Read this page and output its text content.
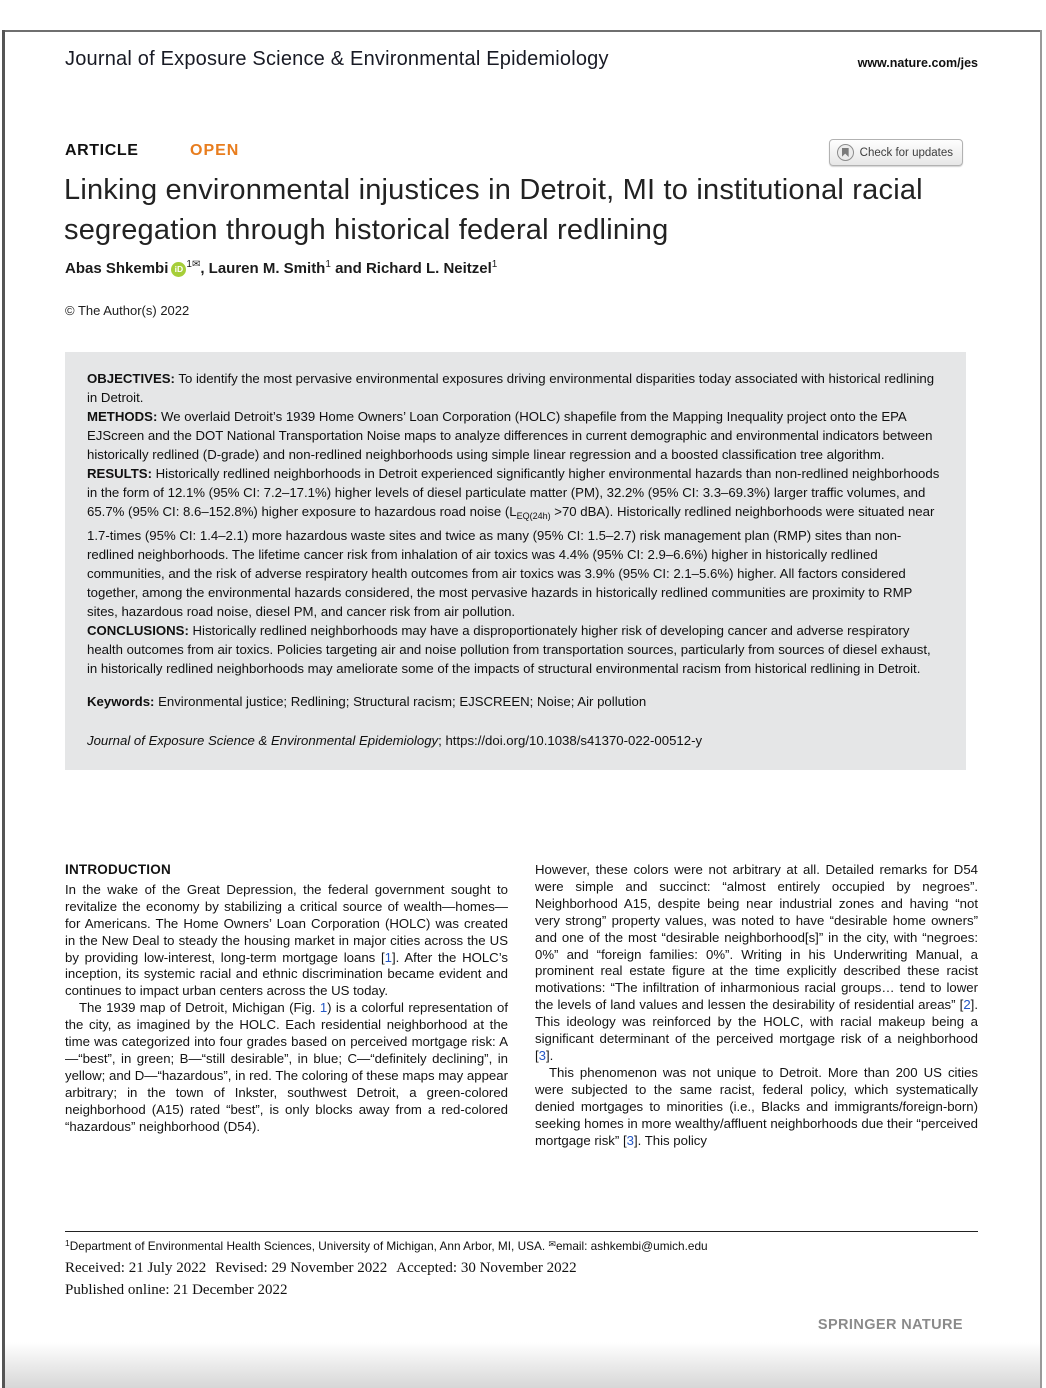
Journal of Exposure Science & Environmental Epidemiology	www.nature.com/jes
ARTICLE	OPEN	Check for updates
Linking environmental injustices in Detroit, MI to institutional racial segregation through historical federal redlining
Abas Shkembi iD $^{1✉}$, Lauren M. Smith$^1$ and Richard L. Neitzel$^1$
© The Author(s) 2022

OBJECTIVES: To identify the most pervasive environmental exposures driving environmental disparities today associated with historical redlining in Detroit.

METHODS: We overlaid Detroit’s 1939 Home Owners’ Loan Corporation (HOLC) shapefile from the Mapping Inequality project onto the EPA EJScreen and the DOT National Transportation Noise maps to analyze differences in current demographic and environmental indicators between historically redlined (D-grade) and non-redlined neighborhoods using simple linear regression and a boosted classification tree algorithm.

RESULTS: Historically redlined neighborhoods in Detroit experienced significantly higher environmental hazards than non-redlined neighborhoods in the form of 12.1% (95% CI: 7.2–17.1%) higher levels of diesel particulate matter (PM), 32.2% (95% CI: 3.3–69.3%) larger traffic volumes, and 65.7% (95% CI: 8.6–152.8%) higher exposure to hazardous road noise ($L_{EQ(24h)} >70$ dBA). Historically redlined neighborhoods were situated near 1.7-times (95% CI: 1.4–2.1) more hazardous waste sites and twice as many (95% CI: 1.5–2.7) risk management plan (RMP) sites than non-redlined neighborhoods. The lifetime cancer risk from inhalation of air toxics was 4.4% (95% CI: 2.9–6.6%) higher in historically redlined communities, and the risk of adverse respiratory health outcomes from air toxics was 3.9% (95% CI: 2.1–5.6%) higher. All factors considered together, among the environmental hazards considered, the most pervasive hazards in historically redlined communities are proximity to RMP sites, hazardous road noise, diesel PM, and cancer risk from air pollution.

CONCLUSIONS: Historically redlined neighborhoods may have a disproportionately higher risk of developing cancer and adverse respiratory health outcomes from air toxics. Policies targeting air and noise pollution from transportation sources, particularly from sources of diesel exhaust, in historically redlined neighborhoods may ameliorate some of the impacts of structural environmental racism from historical redlining in Detroit.

Keywords: Environmental justice; Redlining; Structural racism; EJSCREEN; Noise; Air pollution

Journal of Exposure Science & Environmental Epidemiology; https://doi.org/10.1038/s41370-022-00512-y

INTRODUCTION

In the wake of the Great Depression, the federal government sought to revitalize the economy by stabilizing a critical source of wealth—homes—for Americans. The Home Owners’ Loan Corporation (HOLC) was created in the New Deal to steady the housing market in major cities across the US by providing low-interest, long-term mortgage loans [1]. After the HOLC’s inception, its systemic racial and ethnic discrimination became evident and continues to impact urban centers across the US today.

The 1939 map of Detroit, Michigan (Fig. 1) is a colorful representation of the city, as imagined by the HOLC. Each residential neighborhood at the time was categorized into four grades based on perceived mortgage risk: A—“best”, in green; B—“still desirable”, in blue; C—“definitely declining”, in yellow; and D—“hazardous”, in red. The coloring of these maps may appear arbitrary; in the town of Inkster, southwest Detroit, a green-colored neighborhood (A15) rated “best”, is only blocks away from a red-colored “hazardous” neighborhood (D54).

However, these colors were not arbitrary at all. Detailed remarks for D54 were simple and succinct: “almost entirely occupied by negroes”. Neighborhood A15, despite being near industrial zones and having “not very strong” property values, was noted to have “desirable home owners” and one of the most “desirable neighborhood[s]” in the city, with “negroes: 0%” and “foreign families: 0%”. Writing in his Underwriting Manual, a prominent real estate figure at the time explicitly described these racist motivations: “The infiltration of inharmonious racial groups… tend to lower the levels of land values and lessen the desirability of residential areas” [2]. This ideology was reinforced by the HOLC, with racial makeup being a significant determinant of the perceived mortgage risk of a neighborhood [3].

This phenomenon was not unique to Detroit. More than 200 US cities were subjected to the same racist, federal policy, which systematically denied mortgages to minorities (i.e., Blacks and immigrants/foreign-born) seeking homes in more wealthy/affluent neighborhoods due their “perceived mortgage risk” [3]. This policy

$^1$Department of Environmental Health Sciences, University of Michigan, Ann Arbor, MI, USA. ✉email: ashkembi@umich.edu
Received: 21 July 2022 Revised: 29 November 2022 Accepted: 30 November 2022
Published online: 21 December 2022
SPRINGER NATURE
